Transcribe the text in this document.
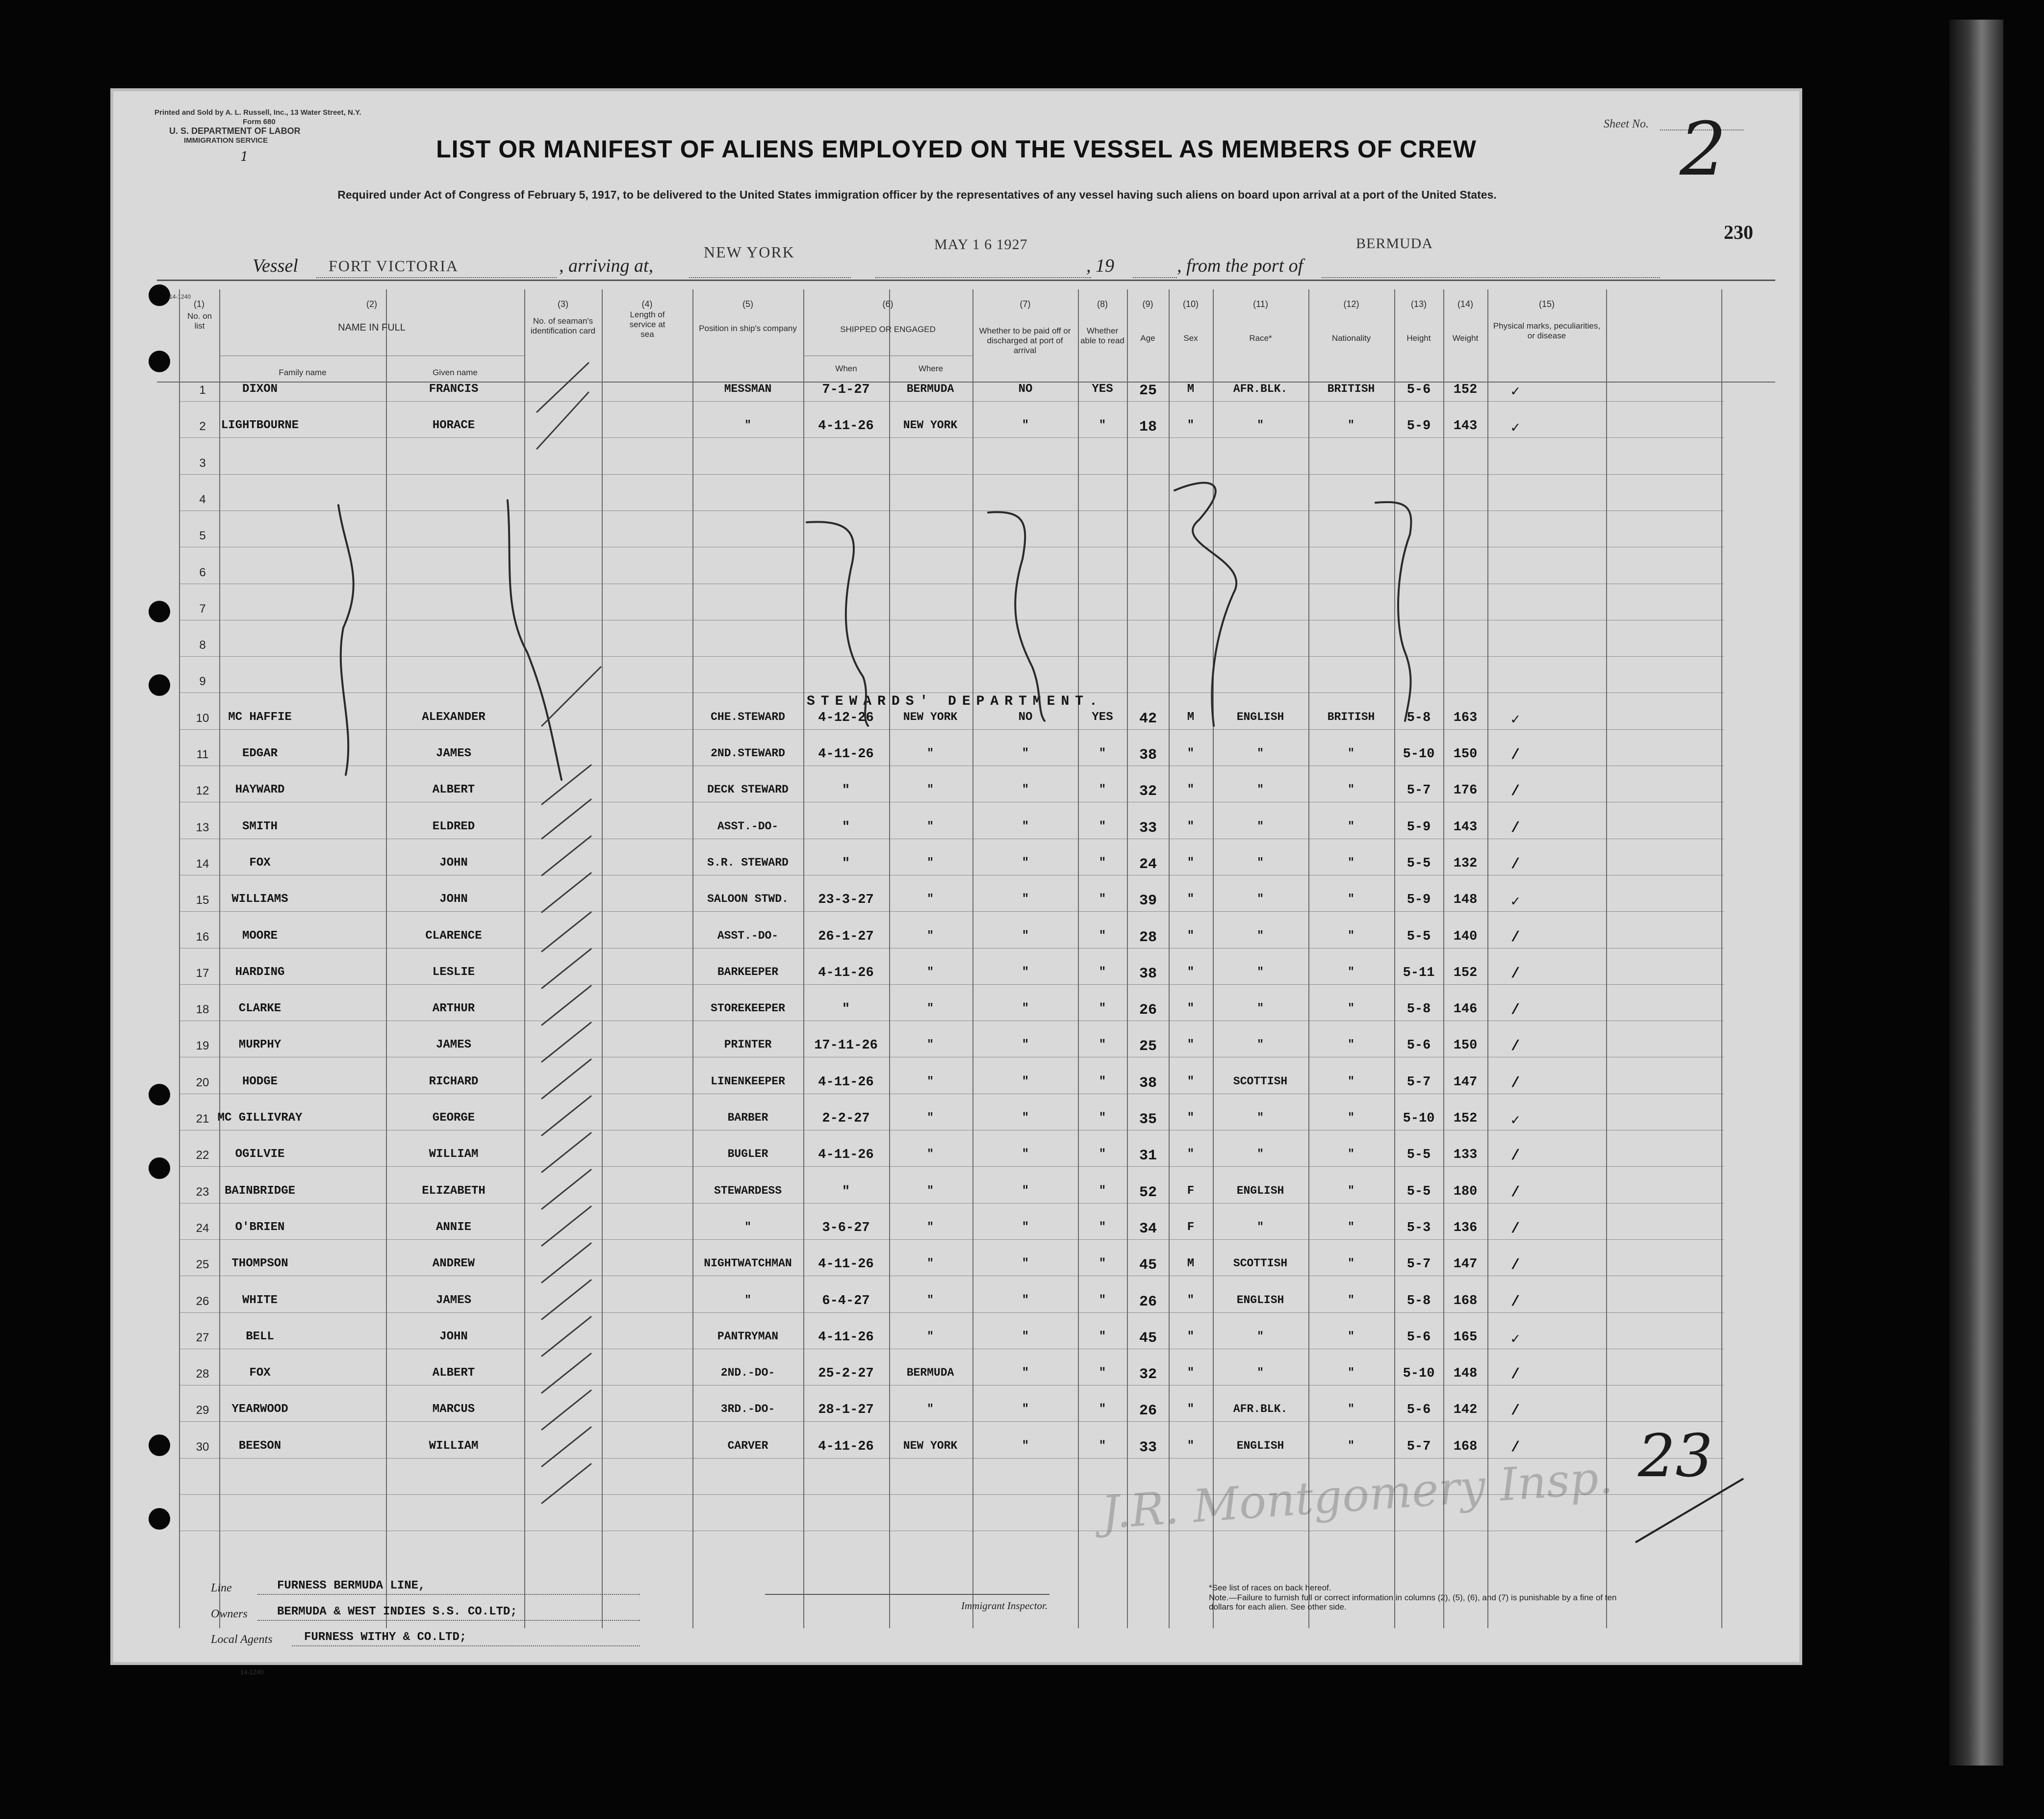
Printed and Sold by A. L. Russell, Inc., 13 Water Street, N.Y.
Form 680
U. S. DEPARTMENT OF LABOR
IMMIGRATION SERVICE
1
Sheet No. 2
230
LIST OR MANIFEST OF ALIENS EMPLOYED ON THE VESSEL AS MEMBERS OF CREW
Required under Act of Congress of February 5, 1917, to be delivered to the United States immigration officer by the representatives of any vessel having such aliens on board upon arrival at a port of the United States.
Vessel FORT VICTORIA	, arriving at,
NEW YORK	MAY 1 6 1927
, 19	, from the port of
BERMUDA
14-1240
(1)
No. on list
(2)
NAME IN FULL
Family name	Given name
(3)
No. of seaman's identification card
(4)
Length of service at sea
(5)
Position in ship's company
(6)
SHIPPED OR ENGAGED
When	Where
(7)
Whether to be paid off or discharged at port of arrival
(8)
Whether able to read
(9)
Age
(10)
Sex
(11)
Race*
(12)
Nationality
(13)
Height
(14)
Weight
(15)
Physical marks, peculiarities, or disease
STEWARDS' DEPARTMENT.
1	DIXON	FRANCIS	MESSMAN	7-1-27	BERMUDA	NO	YES 25	M	AFR.BLK.	BRITISH 5-6 152 ✓
2	LIGHTBOURNE	HORACE	"	4-11-26	NEW YORK	"	" 18	"	"	"	5-9 143 ✓
3
4
5
6
7
8
9
10	MC HAFFIE	ALEXANDER	CHE.STEWARD 4-12-26	NEW YORK	NO	YES 42	M	ENGLISH	BRITISH 5-8 163 ✓
11	EDGAR	JAMES	2ND.STEWARD 4-11-26	"	"	" 38	"	"	"	5-10 150 /
12	HAYWARD	ALBERT	DECK STEWARD	"	"	"	" 32	"	"	"	5-7 176 /
13	SMITH	ELDRED	ASST.-DO-	"	"	"	" 33	"	"	"	5-9 143 /
14	FOX	JOHN	S.R. STEWARD	"	"	"	" 24	"	"	"	5-5 132 /
15	WILLIAMS	JOHN	SALOON STWD. 23-3-27	"	"	" 39	"	"	"	5-9 148 ✓
16	MOORE	CLARENCE	ASST.-DO-	26-1-27	"	"	" 28	"	"	"	5-5 140 /
17	HARDING	LESLIE	BARKEEPER	4-11-26	"	"	" 38	"	"	"	5-11 152 /
18	CLARKE	ARTHUR	STOREKEEPER	"	"	"	" 26	"	"	"	5-8 146 /
19	MURPHY	JAMES	PRINTER	17-11-26	"	"	" 25	"	"	"	5-6 150 /
20	HODGE	RICHARD	LINENKEEPER 4-11-26	"	"	" 38	"	SCOTTISH	"	5-7 147 /
21 MC GILLIVRAY	GEORGE	BARBER	2-2-27	"	"	" 35	"	"	"	5-10 152 ✓
22	OGILVIE	WILLIAM	BUGLER	4-11-26	"	"	" 31	"	"	"	5-5 133 /
23	BAINBRIDGE	ELIZABETH	STEWARDESS	"	"	"	" 52	F	ENGLISH	"	5-5 180 /
24	O'BRIEN	ANNIE	"	3-6-27	"	"	" 34	F	"	"	5-3 136 /
25	THOMPSON	ANDREW	NIGHTWATCHMAN 4-11-26	"	"	" 45	M	SCOTTISH	"	5-7 147 /
26	WHITE	JAMES	"	6-4-27	"	"	" 26	"	ENGLISH	"	5-8 168 /
27	BELL	JOHN	PANTRYMAN	4-11-26	"	"	" 45	"	"	"	5-6 165 ✓
28	FOX	ALBERT	2ND.-DO-	25-2-27	BERMUDA	"	" 32	"	"	"	5-10 148 /
29	YEARWOOD	MARCUS	3RD.-DO-	28-1-27	"	"	" 26	"	AFR.BLK.	"	5-6 142 /
30	BEESON	WILLIAM	CARVER	4-11-26	NEW YORK	"	" 33	"	ENGLISH	"	5-7 168 / 23
J.R. Montgomery Insp.
Line	FURNESS BERMUDA LINE,
Owners	BERMUDA & WEST INDIES S.S. CO.LTD;
Local Agents	FURNESS WITHY & CO.LTD;
14-1240
Immigrant Inspector.
*See list of races on back hereof.
Note.—Failure to furnish full or correct information in columns (2), (5), (6), and (7) is punishable by a fine of ten dollars for each alien. See other side.
